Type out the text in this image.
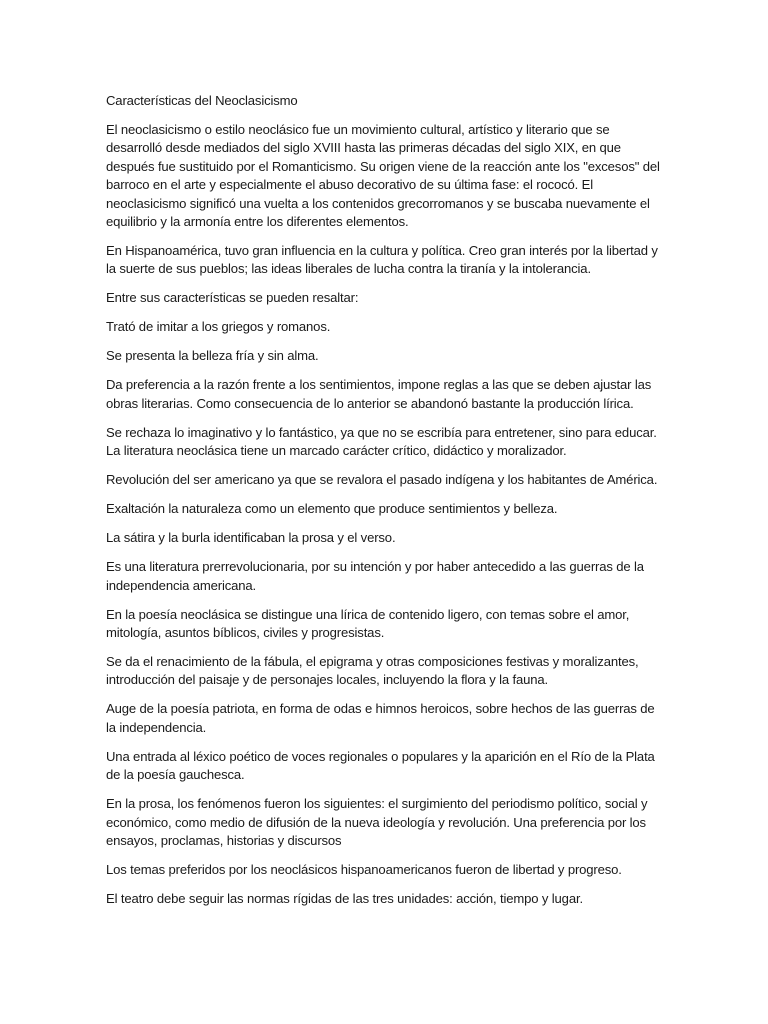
Características del Neoclasicismo

El neoclasicismo o estilo neoclásico fue un movimiento cultural, artístico y literario que se desarrolló desde mediados del siglo XVIII hasta las primeras décadas del siglo XIX, en que después fue sustituido por el Romanticismo. Su origen viene de la reacción ante los "excesos" del barroco en el arte y especialmente el abuso decorativo de su última fase: el rococó. El neoclasicismo significó una vuelta a los contenidos grecorromanos y se buscaba nuevamente el equilibrio y la armonía entre los diferentes elementos.

En Hispanoamérica, tuvo gran influencia en la cultura y política. Creo gran interés por la libertad y la suerte de sus pueblos; las ideas liberales de lucha contra la tiranía y la intolerancia.

Entre sus características se pueden resaltar:

Trató de imitar a los griegos y romanos.

Se presenta la belleza fría y sin alma.

Da preferencia a la razón frente a los sentimientos, impone reglas a las que se deben ajustar las obras literarias. Como consecuencia de lo anterior se abandonó bastante la producción lírica.

Se rechaza lo imaginativo y lo fantástico, ya que no se escribía para entretener, sino para educar. La literatura neoclásica tiene un marcado carácter crítico, didáctico y moralizador.

Revolución del ser americano ya que se revalora el pasado indígena y los habitantes de América.

Exaltación la naturaleza como un elemento que produce sentimientos y belleza.

La sátira y la burla identificaban la prosa y el verso.

Es una literatura prerrevolucionaria, por su intención y por haber antecedido a las guerras de la independencia americana.

En la poesía neoclásica se distingue una lírica de contenido ligero, con temas sobre el amor, mitología, asuntos bíblicos, civiles y progresistas.

Se da el renacimiento de la fábula, el epigrama y otras composiciones festivas y moralizantes, introducción del paisaje y de personajes locales, incluyendo la flora y la fauna.

Auge de la poesía patriota, en forma de odas e himnos heroicos, sobre hechos de las guerras de la independencia.

Una entrada al léxico poético de voces regionales o populares y la aparición en el Río de la Plata de la poesía gauchesca.

En la prosa, los fenómenos fueron los siguientes: el surgimiento del periodismo político, social y económico, como medio de difusión de la nueva ideología y revolución. Una preferencia por los ensayos, proclamas, historias y discursos

Los temas preferidos por los neoclásicos hispanoamericanos fueron de libertad y progreso.

El teatro debe seguir las normas rígidas de las tres unidades: acción, tiempo y lugar.
